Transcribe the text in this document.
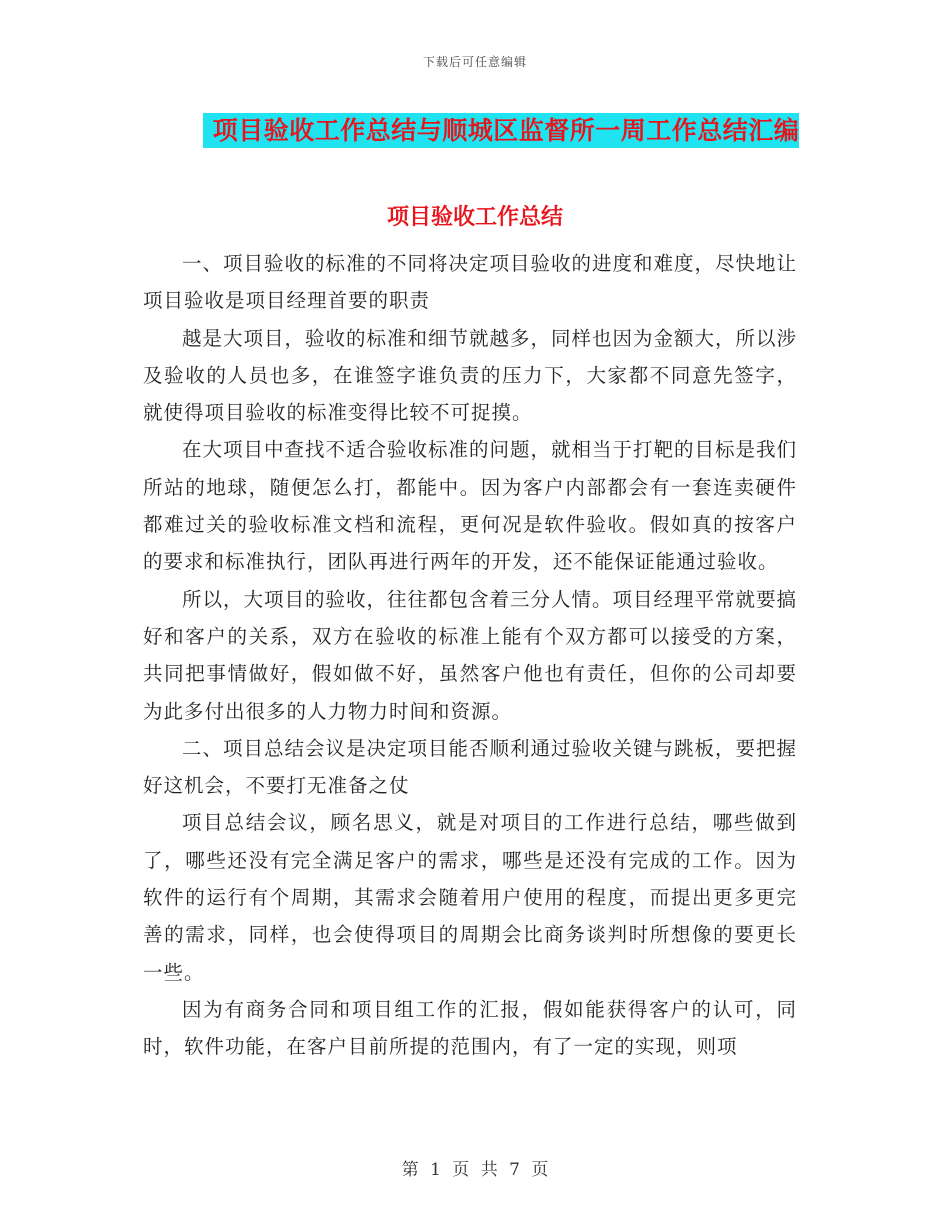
下载后可任意编辑
项目验收工作总结与顺城区监督所一周工作总结汇编
项目验收工作总结

一、项目验收的标准的不同将决定项目验收的进度和难度，尽快地让项目验收是项目经理首要的职责

越是大项目，验收的标准和细节就越多，同样也因为金额大，所以涉及验收的人员也多，在谁签字谁负责的压力下，大家都不同意先签字，就使得项目验收的标准变得比较不可捉摸。

在大项目中查找不适合验收标准的问题，就相当于打靶的目标是我们所站的地球，随便怎么打，都能中。因为客户内部都会有一套连卖硬件都难过关的验收标准文档和流程，更何况是软件验收。假如真的按客户的要求和标准执行，团队再进行两年的开发，还不能保证能通过验收。

所以，大项目的验收，往往都包含着三分人情。项目经理平常就要搞好和客户的关系，双方在验收的标准上能有个双方都可以接受的方案，共同把事情做好，假如做不好，虽然客户他也有责任，但你的公司却要为此多付出很多的人力物力时间和资源。

二、项目总结会议是决定项目能否顺利通过验收关键与跳板，要把握好这机会，不要打无准备之仗

项目总结会议，顾名思义，就是对项目的工作进行总结，哪些做到了，哪些还没有完全满足客户的需求，哪些是还没有完成的工作。因为软件的运行有个周期，其需求会随着用户使用的程度，而提出更多更完善的需求，同样，也会使得项目的周期会比商务谈判时所想像的要更长一些。

因为有商务合同和项目组工作的汇报，假如能获得客户的认可，同时，软件功能，在客户目前所提的范围内，有了一定的实现，则项

第 1 页 共 7 页
